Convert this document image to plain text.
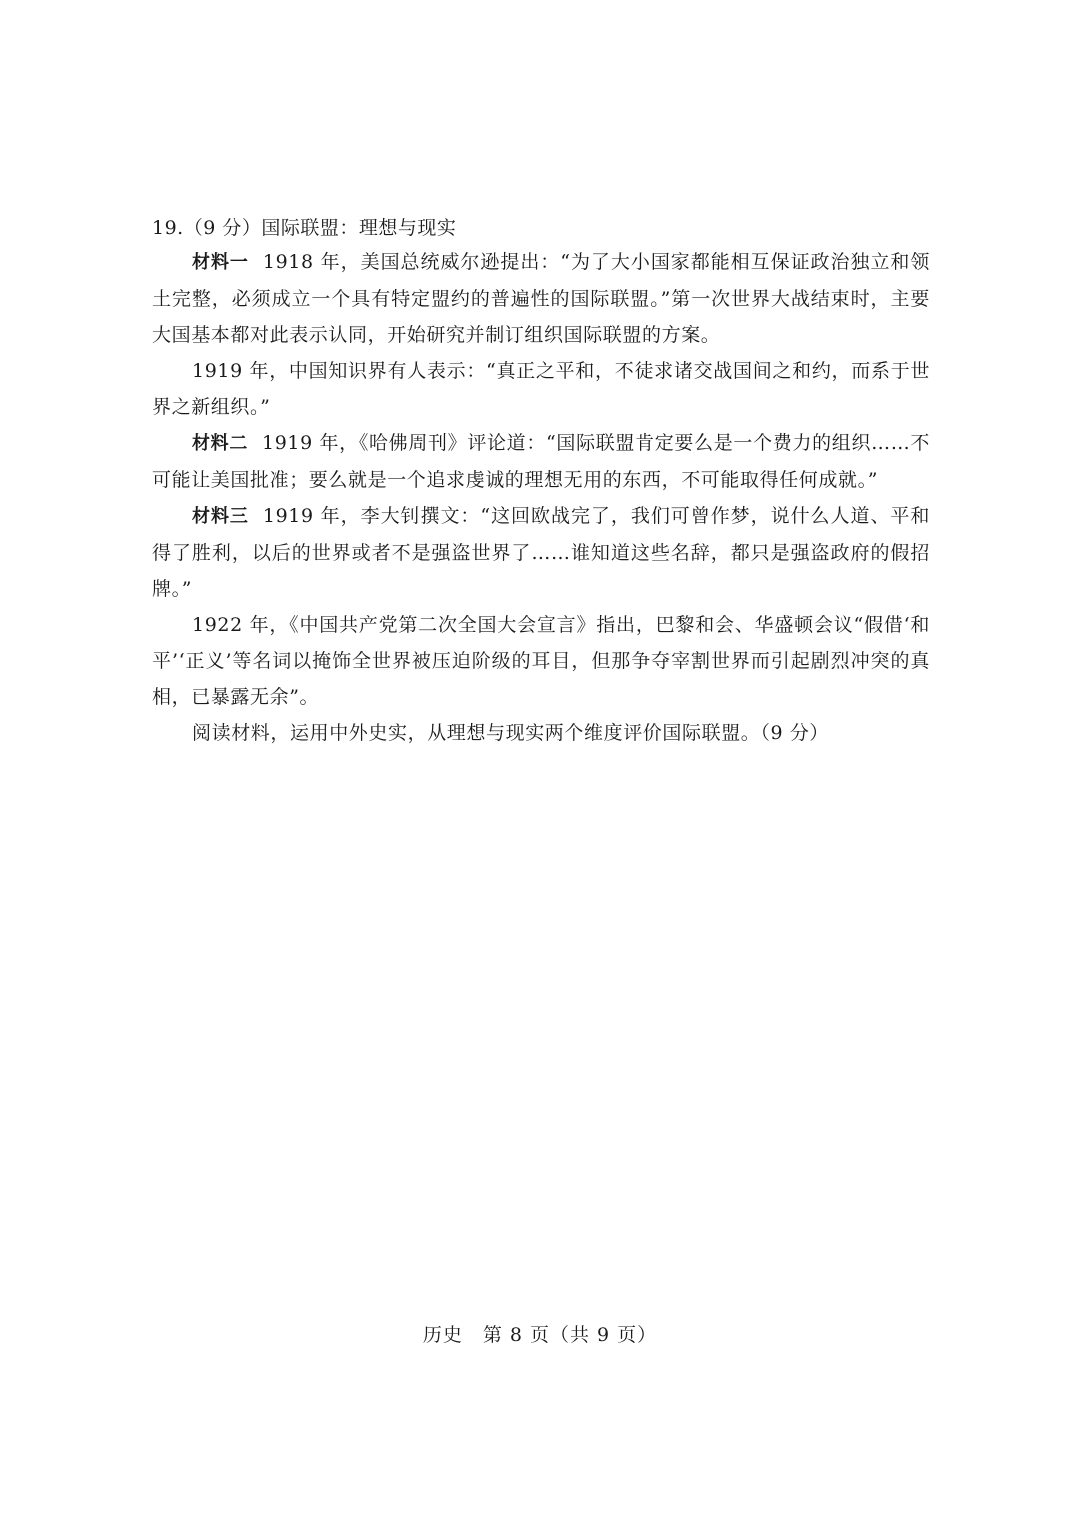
19.（9 分）国际联盟：理想与现实

材料一 1918 年，美国总统威尔逊提出：“为了大小国家都能相互保证政治独立和领土完整，必须成立一个具有特定盟约的普遍性的国际联盟。”第一次世界大战结束时，主要大国基本都对此表示认同，开始研究并制订组织国际联盟的方案。

1919 年，中国知识界有人表示：“真正之平和，不徒求诸交战国间之和约，而系于世界之新组织。”

材料二 1919 年，《哈佛周刊》评论道：“国际联盟肯定要么是一个费力的组织……不可能让美国批准；要么就是一个追求虔诚的理想无用的东西，不可能取得任何成就。”

材料三 1919 年，李大钊撰文：“这回欧战完了，我们可曾作梦，说什么人道、平和得了胜利，以后的世界或者不是强盗世界了……谁知道这些名辞，都只是强盗政府的假招牌。”

1922 年，《中国共产党第二次全国大会宣言》指出，巴黎和会、华盛顿会议“假借‘和平’‘正义’等名词以掩饰全世界被压迫阶级的耳目，但那争夺宰割世界而引起剧烈冲突的真相，已暴露无余”。

阅读材料，运用中外史实，从理想与现实两个维度评价国际联盟。（9 分）

历史　第 8 页（共 9 页）
